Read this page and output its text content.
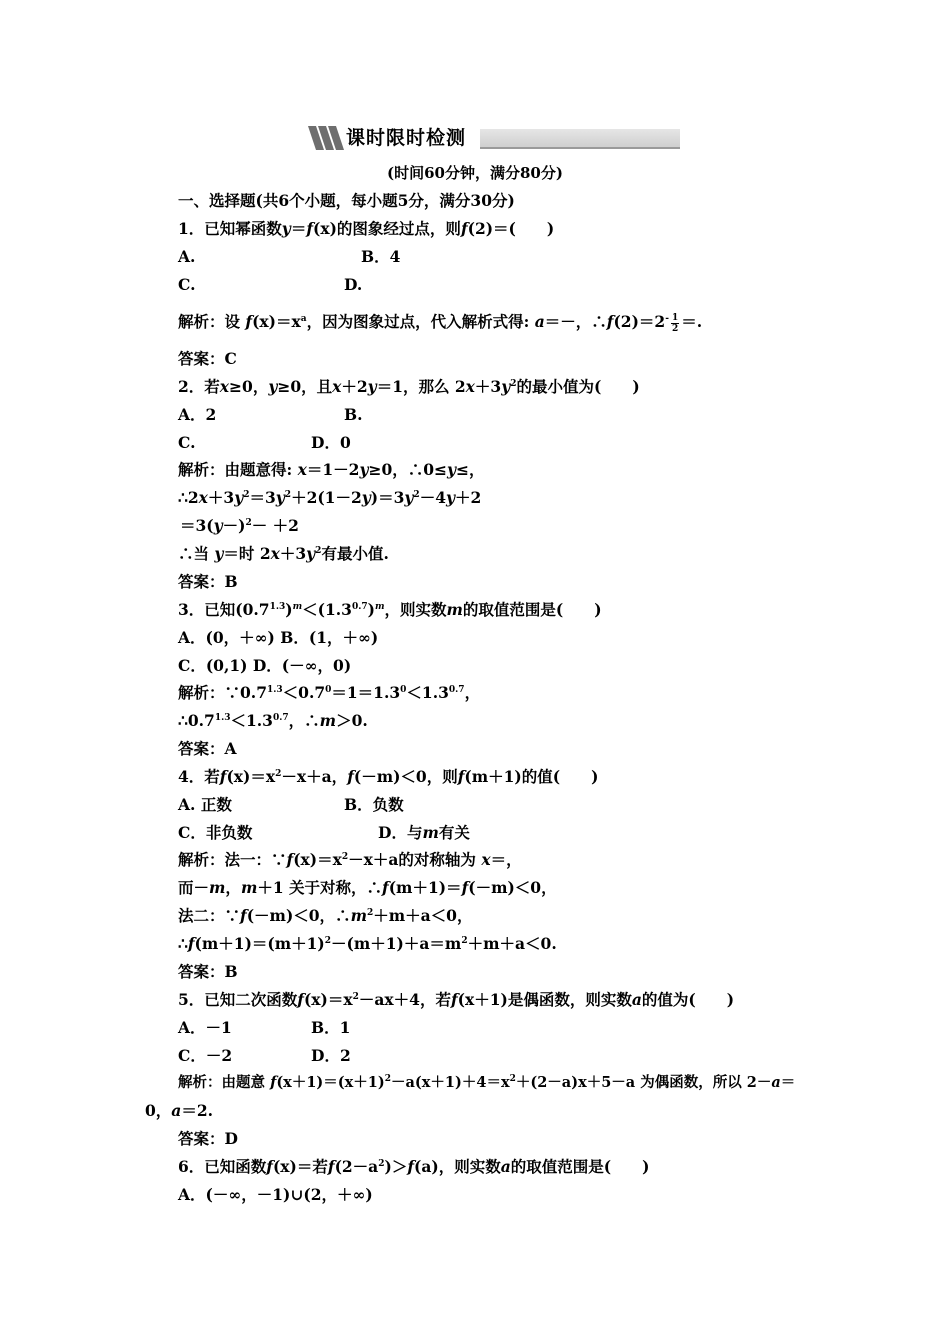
课时限时检测
(时间60分钟，满分80分)
一、选择题(共6个小题，每小题5分，满分30分)
1．已知幂函数y＝f(x)的图象经过点，则f(2)＝(　　)
A.	B．4
C.	D.
解析：设 $f(x)=x^a$，因为图象过点，代入解析式得: a＝－，∴f(2)＝2- $\frac{1}{2}$ ＝.
答案：C
2．若x≥0，y≥0，且x＋2y＝1，那么 $2x+3y^2$的最小值为(　　)
A．2	B.
C.	D．0
解析：由题意得: x＝1－2y≥0，∴0≤y≤，
$\therefore 2x+3y^2=3y^2+2(1-2y)=3y^2-4y+2$
$=3(y-)^2- +2$
∴当 y＝时 $2x+3y^2$有最小值.
答案：B
3．已知$(0.7^{1.3})^m<(1.3^{0.7})^m$，则实数m的取值范围是(　　)
A．(0，＋∞) B．(1，＋∞)
C．(0,1) D．(－∞，0)
解析：$\because 0.7^{1.3}<0.7^0=1=1.3^0<1.3^{0.7}$，
$\therefore 0.7^{1.3}<1.3^{0.7}$，∴m＞0.
答案：A
4．若$f(x)=x^2-x+a$，f(－m)＜0，则f(m＋1)的值(　　)
A. 正数	B．负数
C．非负数	D．与m有关
解析：法一：$\because f(x)=x^2-x+a$的对称轴为 x＝，
而－m，m＋1 关于对称，∴f(m＋1)＝f(－m)＜0，
法二：∵f(－m)＜0，$\therefore m^2+m+a<0$，
$\therefore f(m+1)=(m+1)^2-(m+1)+a=m^2+m+a<0$.
答案：B
5．已知二次函数$f(x)=x^2-ax+4$，若f(x＋1)是偶函数，则实数a的值为(　　)
A．－1	B．1
C．－2	D．2
解析：由题意 $f(x+1)=(x+1)^2-a(x+1)+4=x^2+(2-a)x+5-a$ 为偶函数，所以 2－a＝
0，a＝2.
答案：D
6．已知函数f(x)＝若$f(2-a^2)>f(a)$，则实数a的取值范围是(　　)
A．(－∞，－1)∪(2，＋∞)
